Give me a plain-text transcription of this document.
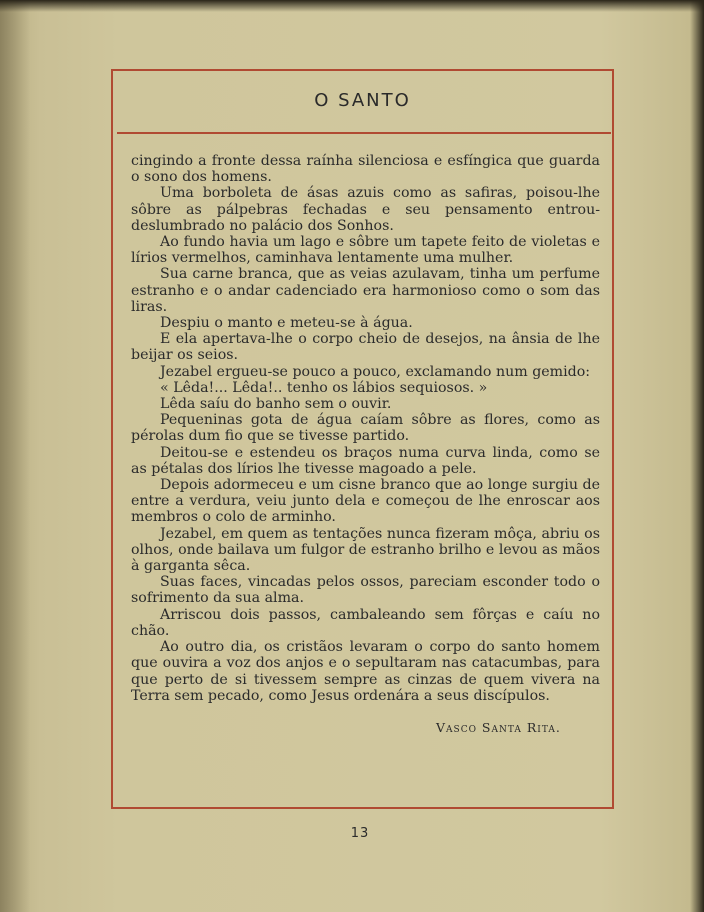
O SANTO

cingindo a fronte dessa raínha silenciosa e esfíngica que guarda o sono dos homens.

Uma borboleta de ásas azuis como as safiras, poisou-lhe sôbre as pálpebras fechadas e seu pensamento entrou-deslumbrado no palácio dos Sonhos.

Ao fundo havia um lago e sôbre um tapete feito de violetas e lírios vermelhos, caminhava lentamente uma mulher.

Sua carne branca, que as veias azulavam, tinha um perfume estranho e o andar cadenciado era harmonioso como o som das liras.

Despiu o manto e meteu-se à água.

E ela apertava-lhe o corpo cheio de desejos, na ânsia de lhe beijar os seios.

Jezabel ergueu-se pouco a pouco, exclamando num gemido:

« Lêda!... Lêda!.. tenho os lábios sequiosos. »

Lêda saíu do banho sem o ouvir.

Pequeninas gota de água caíam sôbre as flores, como as pérolas dum fio que se tivesse partido.

Deitou-se e estendeu os braços numa curva linda, como se as pétalas dos lírios lhe tivesse magoado a pele.

Depois adormeceu e um cisne branco que ao longe surgiu de entre a verdura, veiu junto dela e começou de lhe enroscar aos membros o colo de arminho.

Jezabel, em quem as tentações nunca fizeram môça, abriu os olhos, onde bailava um fulgor de estranho brilho e levou as mãos à garganta sêca.

Suas faces, vincadas pelos ossos, pareciam esconder todo o sofrimento da sua alma.

Arriscou dois passos, cambaleando sem fôrças e caíu no chão.

Ao outro dia, os cristãos levaram o corpo do santo homem que ouvira a voz dos anjos e o sepultaram nas catacumbas, para que perto de si tivessem sempre as cinzas de quem vivera na Terra sem pecado, como Jesus ordenára a seus discípulos.

Vasco Santa Rita.
13
